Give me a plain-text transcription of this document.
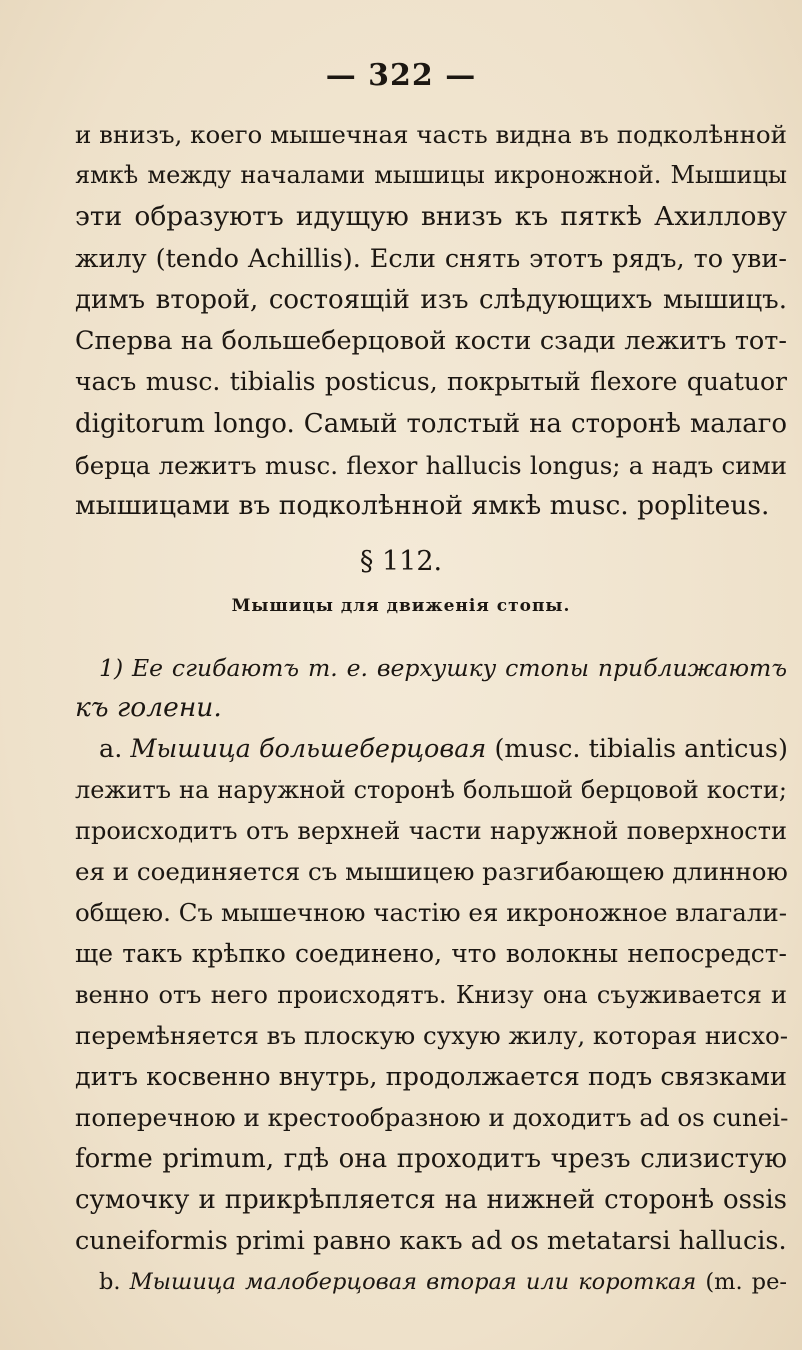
— 322 —
и внизъ, коего мышечная часть видна въ подколѣнной
ямкѣ между началами мышицы икроножной. Мышицы
эти образуютъ идущую внизъ къ пяткѣ Ахиллову
жилу (tendo Achillis). Если снять этотъ рядъ, то уви-
димъ второй, состоящій изъ слѣдующихъ мышицъ.
Сперва на большеберцовой кости сзади лежитъ тот-
часъ musc. tibialis posticus, покрытый flexore quatuor
digitorum longo. Самый толстый на сторонѣ малаго
берца лежитъ musc. flexor hallucis longus; а надъ сими
мышицами въ подколѣнной ямкѣ musc. popliteus.
§ 112.
Мышицы для движенія стопы.
1) Ее сгибаютъ т. е. верхушку стопы приближаютъ
къ голени.
а. Мышица большеберцовая (musc. tibialis anticus)
лежитъ на наружной сторонѣ большой берцовой кости;
происходитъ отъ верхней части наружной поверхности
ея и соединяется съ мышицею разгибающею длинною
общею. Съ мышечною частію ея икроножное влагали-
ще такъ крѣпко соединено, что волокны непосредст-
венно отъ него происходятъ. Книзу она съуживается и
перемѣняется въ плоскую сухую жилу, которая нисхо-
дитъ косвенно внутрь, продолжается подъ связками
поперечною и крестообразною и доходитъ ad os cunei-
forme primum, гдѣ она проходитъ чрезъ слизистую
сумочку и прикрѣпляется на нижней сторонѣ ossis
cuneiformis primi равно какъ ad os metatarsi hallucis.
b. Мышица малоберцовая вторая или короткая (m. pe-
